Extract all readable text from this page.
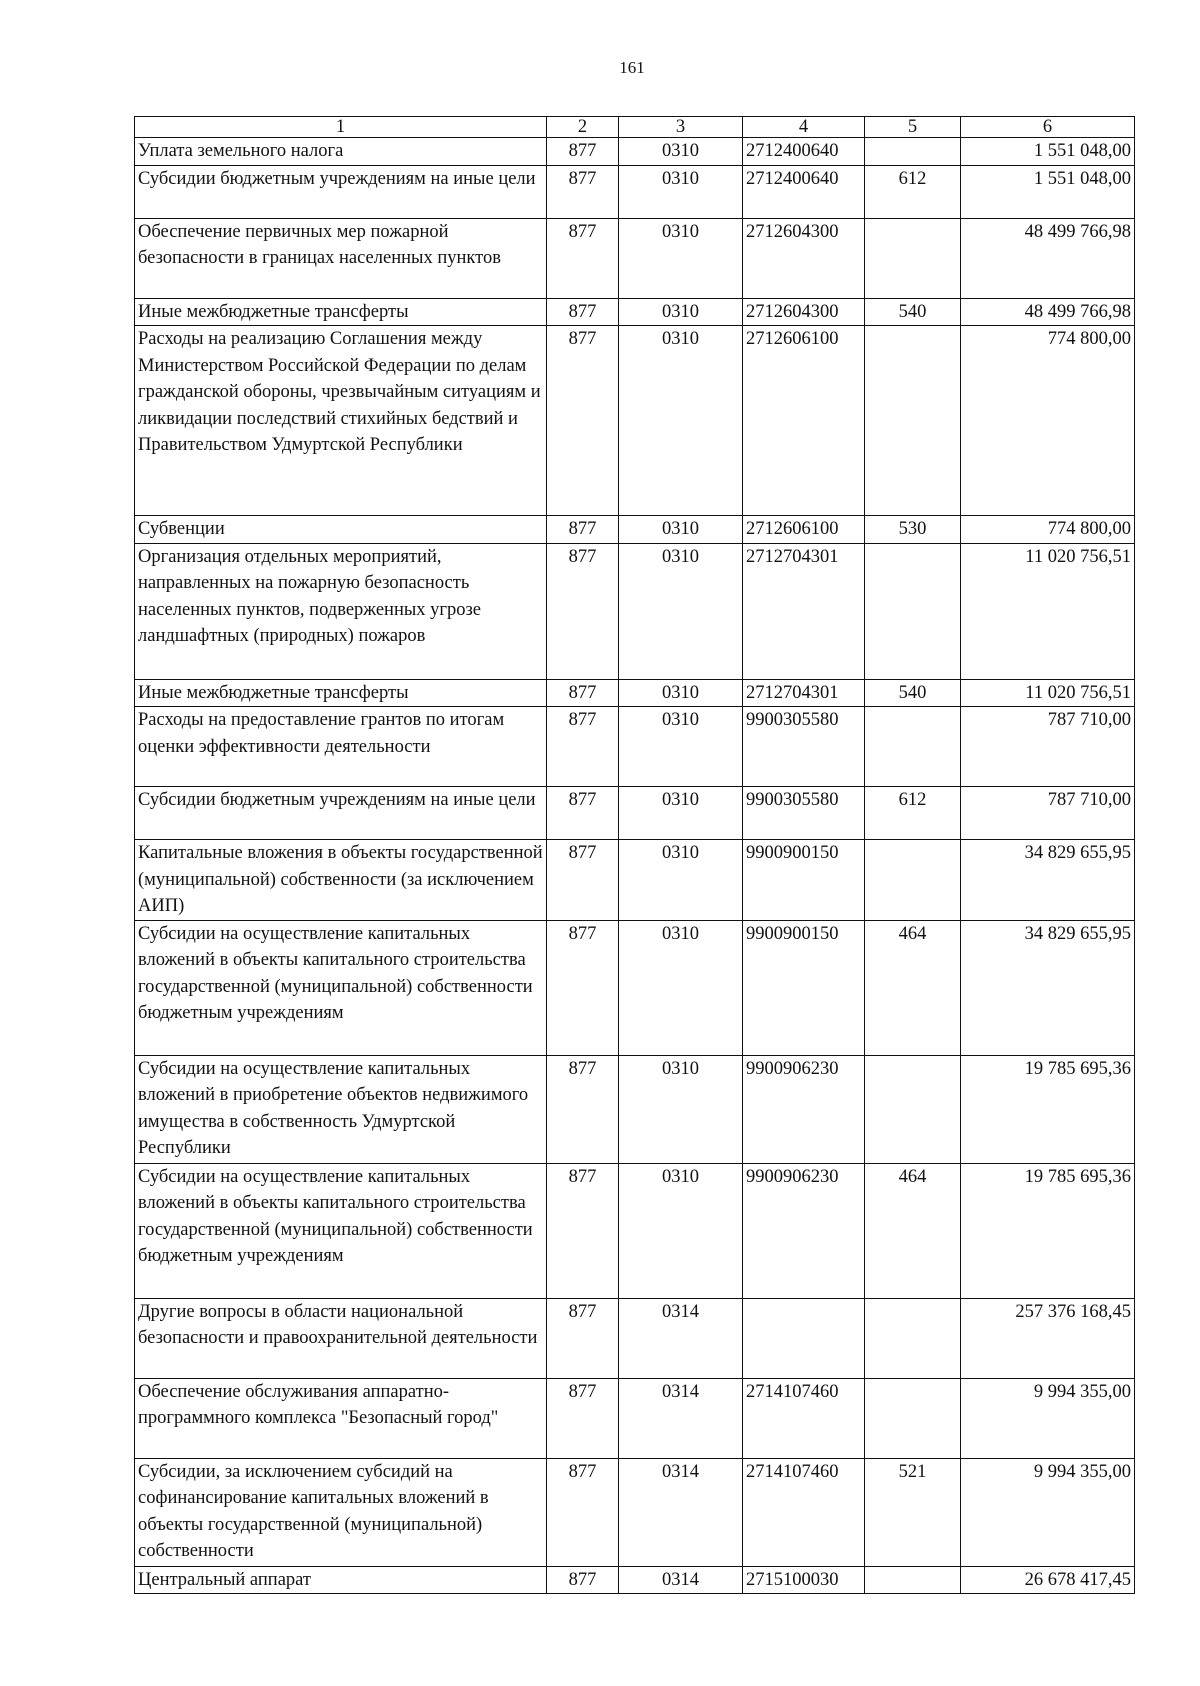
161
1	2	3	4	5	6
Уплата земельного налога	877	0310	2712400640		1 551 048,00
Субсидии бюджетным учреждениям на иные цели	877	0310	2712400640	612	1 551 048,00
Обеспечение первичных мер пожарной безопасности в границах населенных пунктов	877	0310	2712604300		48 499 766,98
Иные межбюджетные трансферты	877	0310	2712604300	540	48 499 766,98
Расходы на реализацию Соглашения между Министерством Российской Федерации по делам гражданской обороны, чрезвычайным ситуациям и ликвидации последствий стихийных бедствий и Правительством Удмуртской Республики	877	0310	2712606100		774 800,00
Субвенции	877	0310	2712606100	530	774 800,00
Организация отдельных мероприятий, направленных на пожарную безопасность населенных пунктов, подверженных угрозе ландшафтных (природных) пожаров	877	0310	2712704301		11 020 756,51
Иные межбюджетные трансферты	877	0310	2712704301	540	11 020 756,51
Расходы на предоставление грантов по итогам оценки эффективности деятельности	877	0310	9900305580		787 710,00
Субсидии бюджетным учреждениям на иные цели	877	0310	9900305580	612	787 710,00
Капитальные вложения в объекты государственной (муниципальной) собственности (за исключением АИП)	877	0310	9900900150		34 829 655,95
Субсидии на осуществление капитальных вложений в объекты капитального строительства государственной (муниципальной) собственности бюджетным учреждениям	877	0310	9900900150	464	34 829 655,95
Субсидии на осуществление капитальных вложений в приобретение объектов недвижимого имущества в собственность Удмуртской Республики	877	0310	9900906230		19 785 695,36
Субсидии на осуществление капитальных вложений в объекты капитального строительства государственной (муниципальной) собственности бюджетным учреждениям	877	0310	9900906230	464	19 785 695,36
Другие вопросы в области национальной безопасности и правоохранительной деятельности	877	0314			257 376 168,45
Обеспечение обслуживания аппаратно-программного комплекса "Безопасный город"	877	0314	2714107460		9 994 355,00
Субсидии, за исключением субсидий на софинансирование капитальных вложений в объекты государственной (муниципальной) собственности	877	0314	2714107460	521	9 994 355,00
Центральный аппарат	877	0314	2715100030		26 678 417,45
